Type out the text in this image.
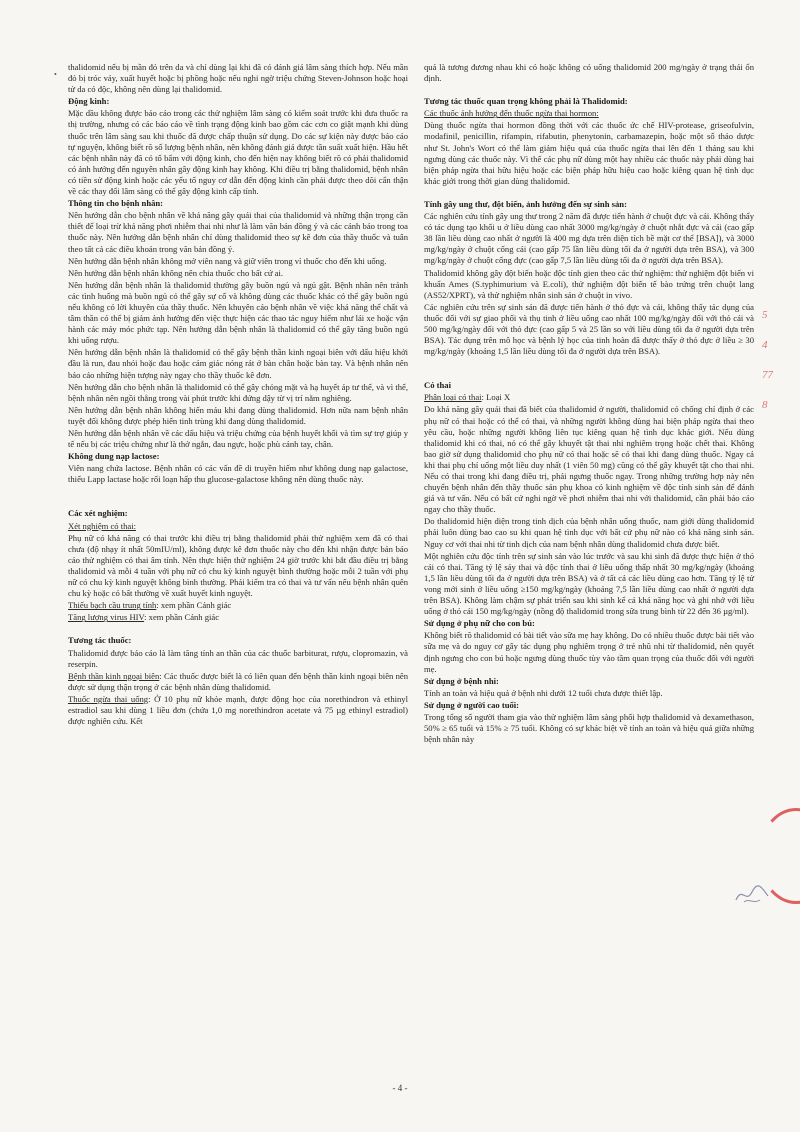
•

thalidomid nếu bị mần đỏ trên da và chỉ dùng lại khi đã có đánh giá lâm sàng thích hợp. Nếu mần đỏ bị tróc vảy, xuất huyết hoặc bị phồng hoặc nếu nghi ngờ triệu chứng Steven-Johnson hoặc hoại tử da có độc, không nên dùng lại thalidomid.

Động kinh:

Mặc dầu không được báo cáo trong các thử nghiệm lâm sàng có kiểm soát trước khi đưa thuốc ra thị trường, nhưng có các báo cáo về tình trạng động kinh bao gồm các cơn co giật mạnh khi dùng thuốc trên lâm sàng sau khi thuốc đã được chấp thuận sử dụng. Do các sự kiện này được báo cáo tự nguyện, không biết rõ số lượng bệnh nhân, nên không đánh giá được tần suất xuất hiện. Hầu hết các bệnh nhân này đã có tố bẩm với động kinh, cho đến hiện nay không biết rõ có phải thalidomid có ảnh hưởng đến nguyên nhân gây động kinh hay không. Khi điều trị bằng thalidomid, bệnh nhân có tiền sử động kinh hoặc các yếu tố nguy cơ dẫn đến động kinh cần phải được theo dõi cẩn thận về các thay đổi lâm sàng có thể gây động kinh cấp tính.

Thông tin cho bệnh nhân:

Nên hướng dẫn cho bệnh nhân về khả năng gây quái thai của thalidomid và những thận trọng cần thiết để loại trừ khả năng phơi nhiễm thai nhi như là làm văn bản đồng ý và các cảnh báo trong toa thuốc này. Nên hướng dẫn bệnh nhân chỉ dùng thalidomid theo sự kê đơn của thầy thuốc và tuân theo tất cả các điều khoản trong văn bản đồng ý.

Nên hướng dẫn bệnh nhân không mở viên nang và giữ viên trong vỉ thuốc cho đến khi uống.

Nên hướng dẫn bệnh nhân không nên chia thuốc cho bất cứ ai.

Nên hướng dẫn bệnh nhân là thalidomid thường gây buồn ngủ và ngủ gật. Bệnh nhân nên tránh các tình huống mà buồn ngủ có thể gây sự cố và không dùng các thuốc khác có thể gây buồn ngủ nếu không có lời khuyên của thầy thuốc. Nên khuyên cáo bệnh nhân về việc khả năng thể chất và tâm thần có thể bị giảm ảnh hưởng đến việc thực hiện các thao tác nguy hiểm như lái xe hoặc vận hành các máy móc phức tạp. Nên hướng dẫn bệnh nhân là thalidomid có thể gây tăng buồn ngủ khi uống rượu.

Nên hướng dẫn bệnh nhân là thalidomid có thể gây bệnh thần kinh ngoại biên với dấu hiệu khởi đầu là run, đau nhói hoặc đau hoặc cảm giác nóng rát ở bàn chân hoặc bàn tay. Và bệnh nhân nên báo cáo những hiện tượng này ngay cho thầy thuốc kê đơn.

Nên hướng dẫn cho bệnh nhân là thalidomid có thể gây chóng mặt và hạ huyết áp tư thế, và vì thế, bệnh nhân nên ngồi thẳng trong vài phút trước khi đứng dậy từ vị trí nằm nghiêng.

Nên hướng dẫn bệnh nhân không hiến máu khi đang dùng thalidomid. Hơn nữa nam bệnh nhân tuyệt đối không được phép hiến tinh trùng khi đang dùng thalidomid.

Nên hướng dẫn bệnh nhân về các dấu hiệu và triệu chứng của bệnh huyết khối và tìm sự trợ giúp y tế nếu bị các triệu chứng như là thở ngắn, đau ngực, hoặc phù cánh tay, chân.

Không dung nạp lactose:

Viên nang chứa lactose. Bệnh nhân có các vấn đề di truyền hiếm như không dung nạp galactose, thiếu Lapp lactase hoặc rối loạn hấp thu glucose-galactose không nên dùng thuốc này.

Các xét nghiệm:

Xét nghiệm có thai:

Phụ nữ có khả năng có thai trước khi điều trị bằng thalidomid phải thử nghiệm xem đã có thai chưa (độ nhạy ít nhất 50mIU/ml), không được kê đơn thuốc này cho đến khi nhận được bản báo cáo thử nghiệm có thai âm tính. Nên thực hiện thử nghiệm 24 giờ trước khi bắt đầu điều trị bằng thalidomid và mỗi 4 tuần với phụ nữ có chu kỳ kinh nguyệt bình thường hoặc mỗi 2 tuần với phụ nữ có chu kỳ kinh nguyệt không bình thường. Phải kiểm tra có thai và tư vấn nếu bệnh nhân quên chu kỳ hoặc có bất thường về xuất huyết kinh nguyệt.

Thiếu bạch cầu trung tính: xem phần Cảnh giác

Tăng lượng virus HIV: xem phần Cảnh giác

Tương tác thuốc:

Thalidomid được báo cáo là làm tăng tính an thần của các thuốc barbiturat, rượu, clopromazin, và reserpin.

Bệnh thần kinh ngoại biên: Các thuốc được biết là có liên quan đến bệnh thần kinh ngoại biên nên được sử dụng thận trọng ở các bệnh nhân dùng thalidomid.

Thuốc ngừa thai uống: Ở 10 phụ nữ khỏe mạnh, được động học của norethindron và ethinyl estradiol sau khi dùng 1 liều đơn (chứa 1,0 mg norethindron acetate và 75 µg ethinyl estradiol) được nghiên cứu. Kết

quả là tương đương nhau khi có hoặc không có uống thalidomid 200 mg/ngày ở trạng thái ổn định.

Tương tác thuốc quan trọng không phải là Thalidomid:

Các thuốc ảnh hưởng đến thuốc ngừa thai hormon:

Dùng thuốc ngừa thai hormon đồng thời với các thuốc ức chế HIV-protease, griseofulvin, modafinil, penicillin, rifampin, rifabutin, phenytonin, carbamazepin, hoặc một số thảo dược như St. John's Wort có thể làm giảm hiệu quả của thuốc ngừa thai lên đến 1 tháng sau khi ngưng dùng các thuốc này. Vì thế các phụ nữ dùng một hay nhiều các thuốc này phải dùng hai biện pháp ngừa thai hữu hiệu hoặc các biện pháp hữu hiệu cao hoặc kiêng quan hệ tình dục khác giới trong thời gian dùng thalidomid.

Tính gây ung thư, đột biến, ảnh hưởng đến sự sinh sản:

Các nghiên cứu tính gây ung thư trong 2 năm đã được tiến hành ở chuột đực và cái. Không thấy có tác dụng tạo khối u ở liều dùng cao nhất 3000 mg/kg/ngày ở chuột nhắt đực và cái (cao gấp 38 lần liều dùng cao nhất ở người là 400 mg dựa trên diện tích bề mặt cơ thể [BSA]), và 3000 mg/kg/ngày ở chuột cống cái (cao gấp 75 lần liều dùng tối đa ở người dựa trên BSA), và 300 mg/kg/ngày ở chuột cống đực (cao gấp 7,5 lần liều dùng tối đa ở người dựa trên BSA).

Thalidomid không gây đột biến hoặc độc tính gien theo các thử nghiệm: thử nghiệm đột biến vi khuẩn Ames (S.typhimurium và E.coli), thử nghiệm đột biến tế bào trứng trên chuột lang (AS52/XPRT), và thử nghiệm nhân sinh sản ở chuột in vivo.

Các nghiên cứu trên sự sinh sản đã được tiến hành ở thỏ đực và cái, không thấy tác dụng của thuốc đối với sự giao phối và thụ tinh ở liều uống cao nhất 100 mg/kg/ngày đối với thỏ cái và 500 mg/kg/ngày đối với thỏ đực (cao gấp 5 và 25 lần so với liều dùng tối đa ở người dựa trên BSA). Tác dụng trên mô học và bệnh lý học của tinh hoàn đã được thấy ở thỏ đực ở liều ≥ 30 mg/kg/ngày (khoảng 1,5 lần liều dùng tối đa ở người dựa trên BSA).

Có thai

Phân loại có thai: Loại X

Do khả năng gây quái thai đã biết của thalidomid ở người, thalidomid có chống chỉ định ở các phụ nữ có thai hoặc có thể có thai, và những người không dùng hai biện pháp ngừa thai theo yêu cầu, hoặc những người không liên tục kiêng quan hệ tình dục khác giới. Nếu dùng thalidomid khi có thai, nó có thể gây khuyết tật thai nhi nghiêm trọng hoặc chết thai. Không bao giờ sử dụng thalidomid cho phụ nữ có thai hoặc sẽ có thai khi đang dùng thuốc. Ngay cả khi thai phụ chỉ uống một liều duy nhất (1 viên 50 mg) cũng có thể gây khuyết tật cho thai nhi. Nếu có thai trong khi đang điều trị, phải ngưng thuốc ngay. Trong những trường hợp này nên chuyển bệnh nhân đến thầy thuốc sản phụ khoa có kinh nghiệm về độc tính sinh sản để đánh giá và tư vấn. Nếu có bất cứ nghi ngờ về phơi nhiễm thai nhi với thalidomid, cần phải báo cáo ngay cho thầy thuốc.

Do thalidomid hiện diện trong tinh dịch của bệnh nhân uống thuốc, nam giới dùng thalidomid phải luôn dùng bao cao su khi quan hệ tình dục với bất cứ phụ nữ nào có khả năng sinh sản. Nguy cơ với thai nhi từ tinh dịch của nam bệnh nhân dùng thalidomid chưa được biết.

Một nghiên cứu độc tính trên sự sinh sản vào lúc trước và sau khi sinh đã được thực hiện ở thỏ cái có thai. Tăng tỷ lệ sảy thai và độc tính thai ở liều uống thấp nhất 30 mg/kg/ngày (khoảng 1,5 lần liều dùng tối đa ở người dựa trên BSA) và ở tất cả các liều dùng cao hơn. Tăng tỷ lệ tử vong mới sinh ở liều uống ≥150 mg/kg/ngày (khoảng 7,5 lần liều dùng cao nhất ở người dựa trên BSA). Không làm chậm sự phát triển sau khi sinh kể cả khả năng học và ghi nhớ với liều uống ở thỏ cái 150 mg/kg/ngày (nồng độ thalidomid trong sữa trung bình từ 22 đến 36 µg/ml).

Sử dụng ở phụ nữ cho con bú:

Không biết rõ thalidomid có bài tiết vào sữa mẹ hay không. Do có nhiều thuốc được bài tiết vào sữa mẹ và do nguy cơ gây tác dụng phụ nghiêm trọng ở trẻ nhũ nhi từ thalidomid, nên quyết định ngưng cho con bú hoặc ngưng dùng thuốc tùy vào tầm quan trọng của thuốc đối với người mẹ.

Sử dụng ở bệnh nhi:

Tính an toàn và hiệu quả ở bệnh nhi dưới 12 tuổi chưa được thiết lập.

Sử dụng ở người cao tuổi:

Trong tổng số người tham gia vào thử nghiệm lâm sàng phối hợp thalidomid và dexamethason, 50% ≥ 65 tuổi và 15% ≥ 75 tuổi. Không có sự khác biệt về tính an toàn và hiệu quả giữa những bệnh nhân này

- 4 -
5
4
77
8
